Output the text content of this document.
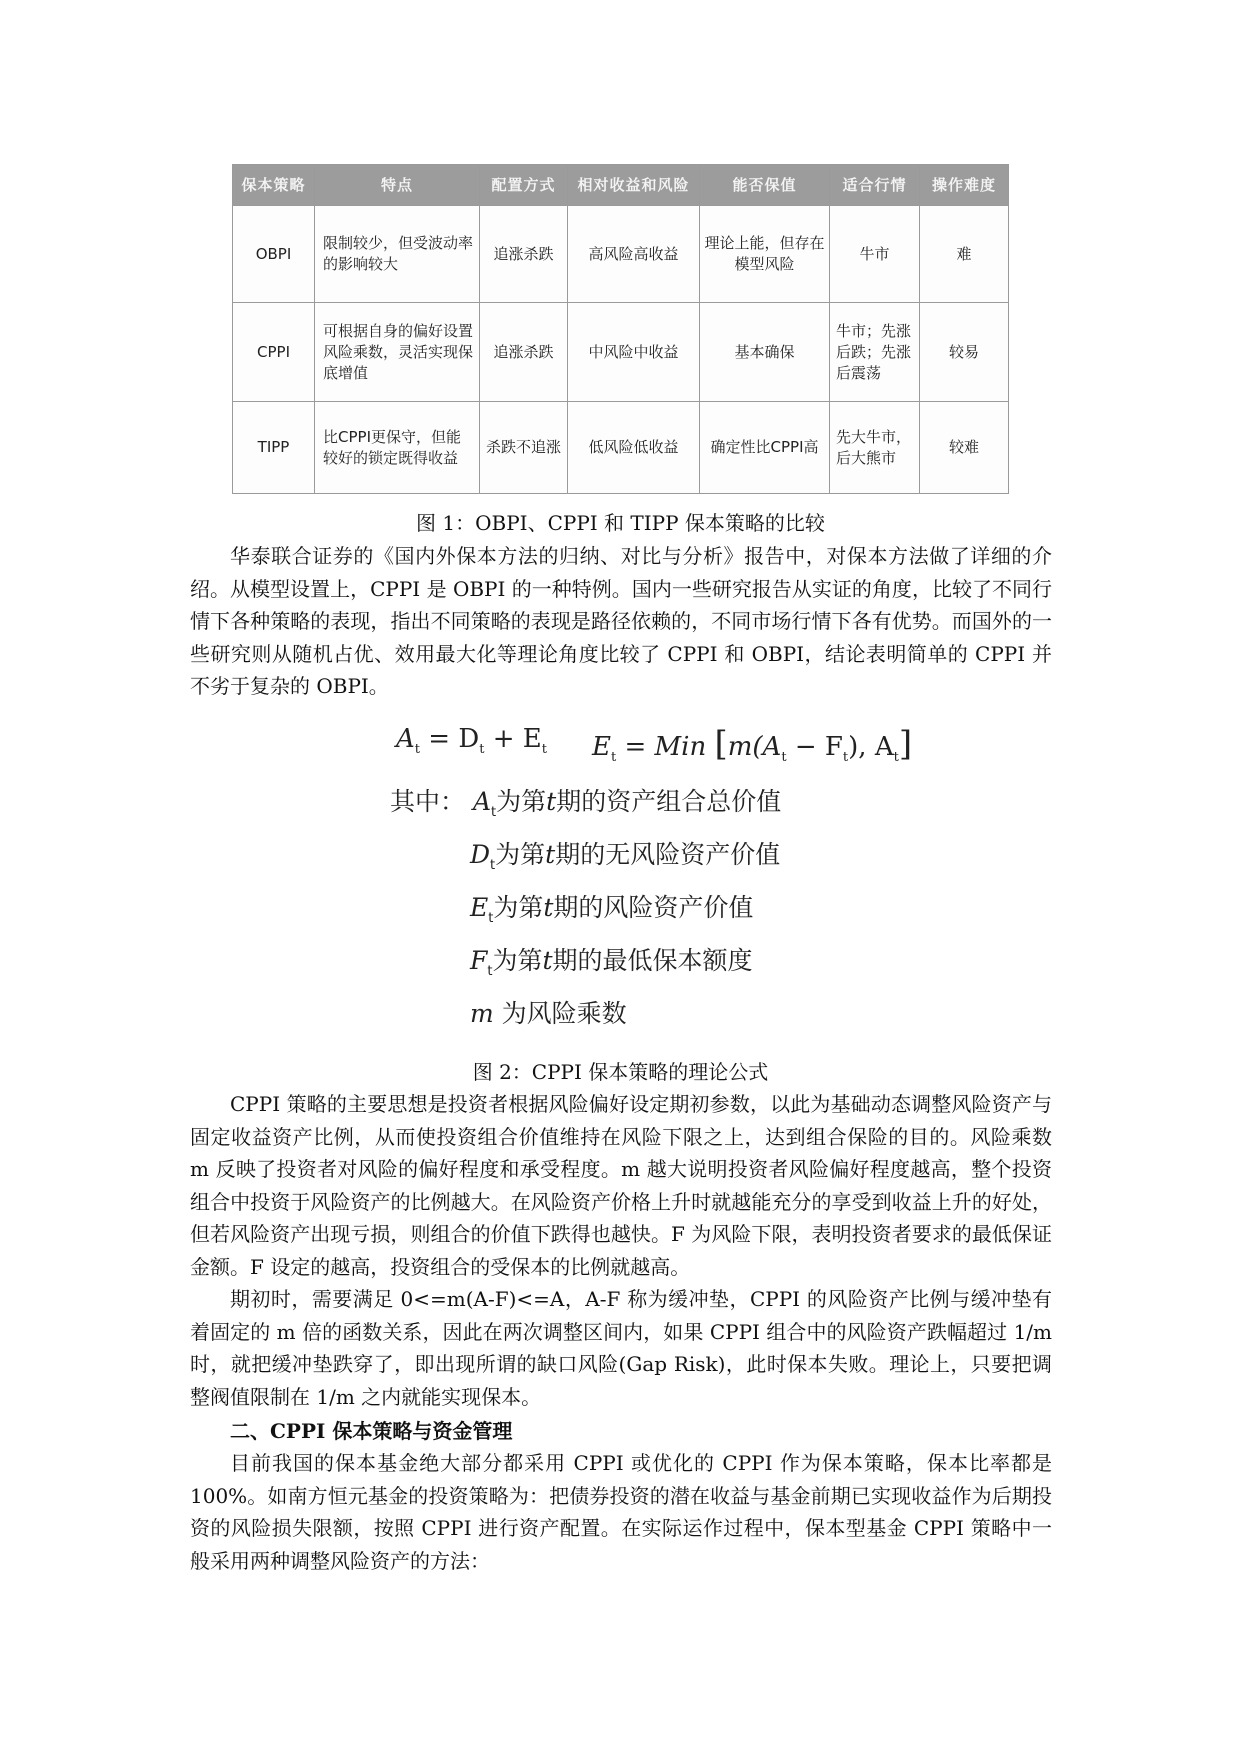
保本策略	特点	配置方式	相对收益和风险	能否保值	适合行情	操作难度
OBPI	限制较少，但受波动率的影响较大	追涨杀跌	高风险高收益	理论上能，但存在模型风险	牛市	难
CPPI	可根据自身的偏好设置风险乘数，灵活实现保底增值	追涨杀跌	中风险中收益	基本确保	牛市；先涨后跌；先涨后震荡	较易
TIPP	比CPPI更保守，但能较好的锁定既得收益	杀跌不追涨	低风险低收益	确定性比CPPI高	先大牛市，后大熊市	较难
图 1：OBPI、CPPI 和 TIPP 保本策略的比较

华泰联合证券的《国内外保本方法的归纳、对比与分析》报告中，对保本方法做了详细的介绍。从模型设置上，CPPI 是 OBPI 的一种特例。国内一些研究报告从实证的角度，比较了不同行情下各种策略的表现，指出不同策略的表现是路径依赖的，不同市场行情下各有优势。而国外的一些研究则从随机占优、效用最大化等理论角度比较了 CPPI 和 OBPI，结论表明简单的 CPPI 并不劣于复杂的 OBPI。

$A_t = D_t + E_t$ $E_t$ = Min [$m(A_t - F_t)$, $A_t$]
其中： $A_t$为第t期的资产组合总价值
$D_t$为第t期的无风险资产价值
$E_t$为第t期的风险资产价值
$F_t$为第t期的最低保本额度
m 为风险乘数
图 2：CPPI 保本策略的理论公式

CPPI 策略的主要思想是投资者根据风险偏好设定期初参数，以此为基础动态调整风险资产与固定收益资产比例，从而使投资组合价值维持在风险下限之上，达到组合保险的目的。风险乘数 m 反映了投资者对风险的偏好程度和承受程度。m 越大说明投资者风险偏好程度越高，整个投资组合中投资于风险资产的比例越大。在风险资产价格上升时就越能充分的享受到收益上升的好处，但若风险资产出现亏损，则组合的价值下跌得也越快。F 为风险下限，表明投资者要求的最低保证金额。F 设定的越高，投资组合的受保本的比例就越高。

期初时，需要满足 0<=m(A-F)<=A，A-F 称为缓冲垫，CPPI 的风险资产比例与缓冲垫有着固定的 m 倍的函数关系，因此在两次调整区间内，如果 CPPI 组合中的风险资产跌幅超过 1/m 时，就把缓冲垫跌穿了，即出现所谓的缺口风险(Gap Risk)，此时保本失败。理论上，只要把调整阀值限制在 1/m 之内就能实现保本。

二、CPPI 保本策略与资金管理

目前我国的保本基金绝大部分都采用 CPPI 或优化的 CPPI 作为保本策略，保本比率都是 100%。如南方恒元基金的投资策略为：把债券投资的潜在收益与基金前期已实现收益作为后期投资的风险损失限额，按照 CPPI 进行资产配置。在实际运作过程中，保本型基金 CPPI 策略中一般采用两种调整风险资产的方法：
